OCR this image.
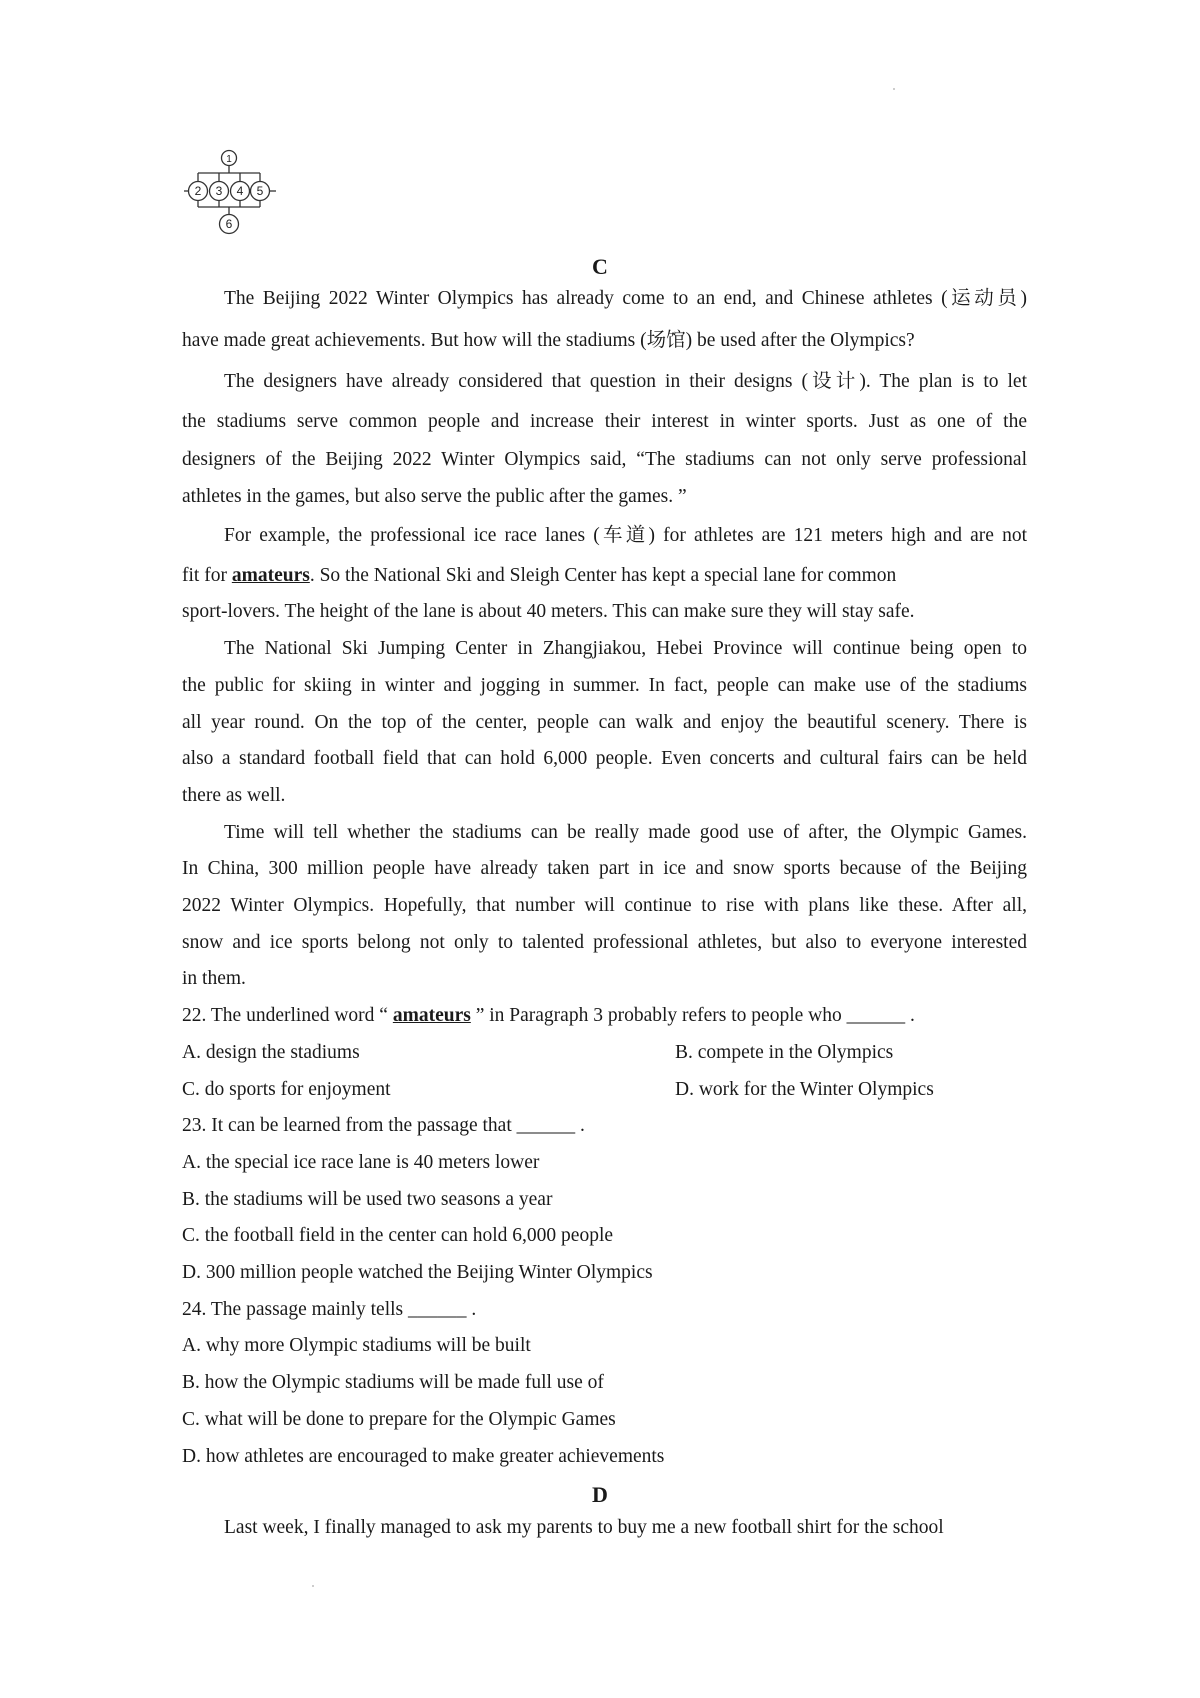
1
2 3 4 5
6
C
The Beijing 2022 Winter Olympics has already come to an end, and Chinese athletes (运动员)
have made great achievements. But how will the stadiums (场馆) be used after the Olympics?
The designers have already considered that question in their designs (设计). The plan is to let
the stadiums serve common people and increase their interest in winter sports. Just as one of the
designers of the Beijing 2022 Winter Olympics said, “The stadiums can not only serve professional
athletes in the games, but also serve the public after the games. ”
For example, the professional ice race lanes (车道) for athletes are 121 meters high and are not
fit for amateurs. So the National Ski and Sleigh Center has kept a special lane for common
sport-lovers. The height of the lane is about 40 meters. This can make sure they will stay safe.
The National Ski Jumping Center in Zhangjiakou, Hebei Province will continue being open to
the public for skiing in winter and jogging in summer. In fact, people can make use of the stadiums
all year round. On the top of the center, people can walk and enjoy the beautiful scenery. There is
also a standard football field that can hold 6,000 people. Even concerts and cultural fairs can be held
there as well.
Time will tell whether the stadiums can be really made good use of after, the Olympic Games.
In China, 300 million people have already taken part in ice and snow sports because of the Beijing
2022 Winter Olympics. Hopefully, that number will continue to rise with plans like these. After all,
snow and ice sports belong not only to talented professional athletes, but also to everyone interested
in them.
22. The underlined word “ amateurs ” in Paragraph 3 probably refers to people who ______ .
A. design the stadiums	B. compete in the Olympics
C. do sports for enjoyment	D. work for the Winter Olympics
23. It can be learned from the passage that ______ .
A. the special ice race lane is 40 meters lower
B. the stadiums will be used two seasons a year
C. the football field in the center can hold 6,000 people
D. 300 million people watched the Beijing Winter Olympics
24. The passage mainly tells ______ .
A. why more Olympic stadiums will be built
B. how the Olympic stadiums will be made full use of
C. what will be done to prepare for the Olympic Games
D. how athletes are encouraged to make greater achievements
D
Last week, I finally managed to ask my parents to buy me a new football shirt for the school
